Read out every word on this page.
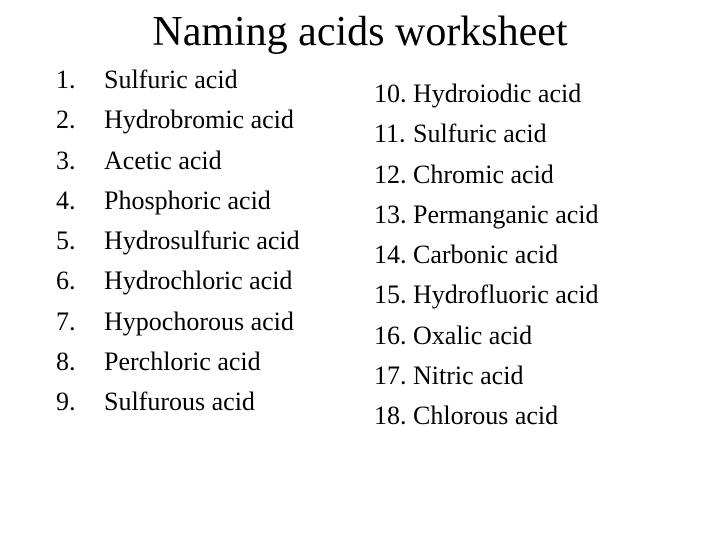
Naming acids worksheet
1. Sulfuric acid
2. Hydrobromic acid
3. Acetic acid
4. Phosphoric acid
5. Hydrosulfuric acid
6. Hydrochloric acid
7. Hypochorous acid
8. Perchloric acid
9. Sulfurous acid
10. Hydroiodic acid
11. Sulfuric acid
12. Chromic acid
13. Permanganic acid
14. Carbonic acid
15. Hydrofluoric acid
16. Oxalic acid
17. Nitric acid
18. Chlorous acid
